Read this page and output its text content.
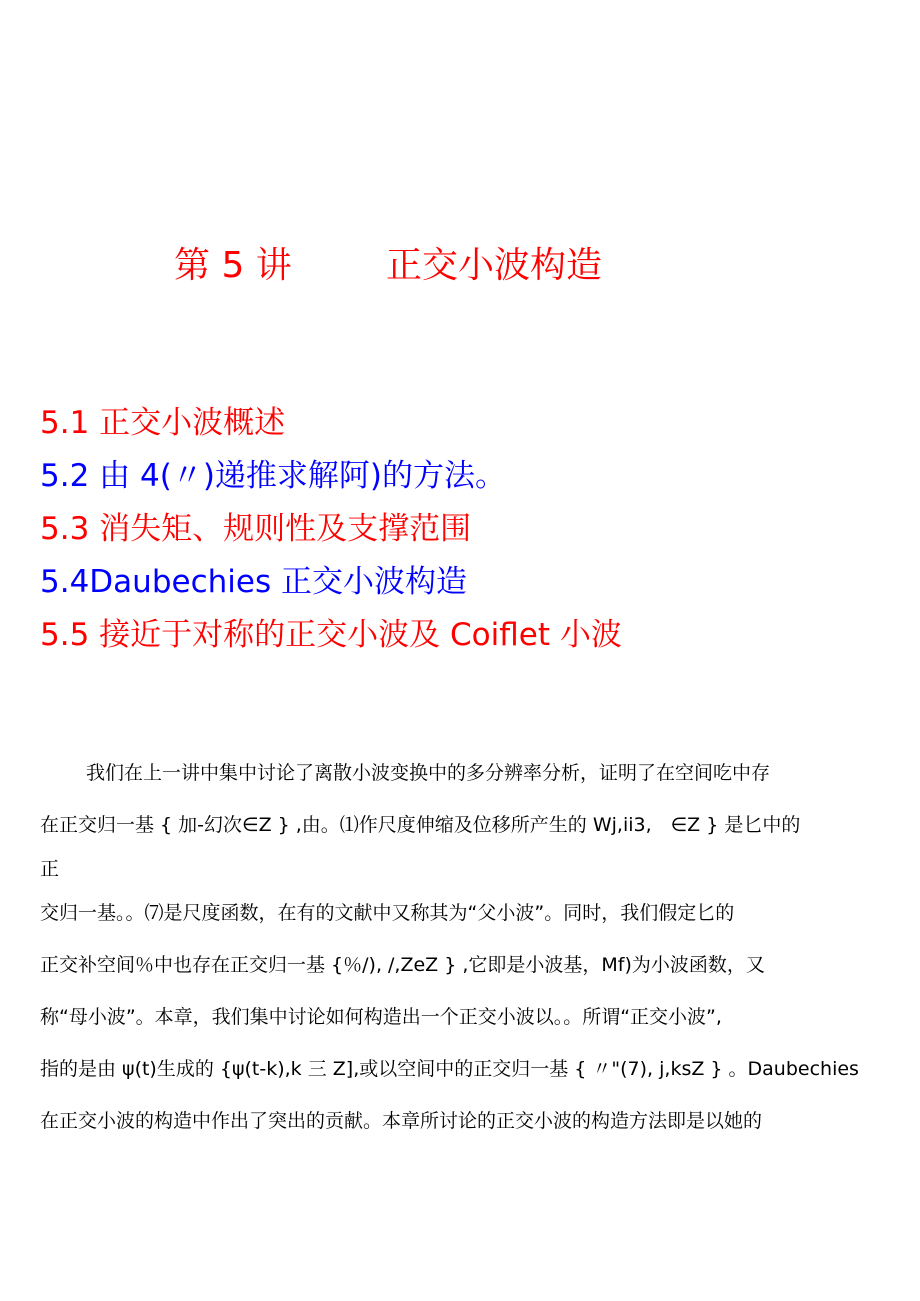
第 5 讲	正交小波构造
5.1 正交小波概述
5.2 由 4(〃)递推求解阿)的方法。
5.3 消失矩、规则性及支撑范围
5.4Daubechies 正交小波构造
5.5 接近于对称的正交小波及 Coiflet 小波
我们在上一讲中集中讨论了离散小波变换中的多分辨率分析，证明了在空间吃中存
在正交归一基 { 加-幻次∈Z } ,由。⑴作尺度伸缩及位移所产生的 Wj,ii3,　∈Z } 是匕中的
正
交归一基。。⑺是尺度函数，在有的文献中又称其为“父小波”。同时，我们假定匕的
正交补空间％中也存在正交归一基 {％/), /,ZeZ } ,它即是小波基，Mf)为小波函数，又
称“母小波”。本章，我们集中讨论如何构造出一个正交小波以。。所谓“正交小波”,
指的是由 ψ(t)生成的 {ψ(t-k),k 三 Z],或以空间中的正交归一基 { 〃"(7), j,ksZ } 。Daubechies
在正交小波的构造中作出了突出的贡献。本章所讨论的正交小波的构造方法即是以她的
